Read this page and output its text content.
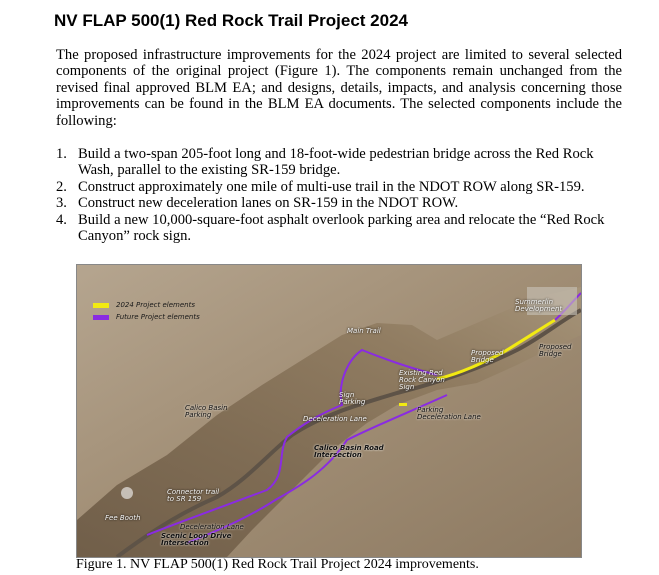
NV FLAP 500(1) Red Rock Trail Project 2024

The proposed infrastructure improvements for the 2024 project are limited to several selected components of the original project (Figure 1). The components remain unchanged from the revised final approved BLM EA; and designs, details, impacts, and analysis concerning those improvements can be found in the BLM EA documents. The selected components include the following:

1. Build a two-span 205-foot long and 18-foot-wide pedestrian bridge across the Red Rock Wash, parallel to the existing SR-159 bridge.
2. Construct approximately one mile of multi-use trail in the NDOT ROW along SR-159.
3. Construct new deceleration lanes on SR-159 in the NDOT ROW.
4. Build a new 10,000-square-foot asphalt overlook parking area and relocate the “Red Rock Canyon” rock sign.
2024 Project elements
Future Project elements
Main Trail
Summerlin
Development
Proposed
Bridge
Proposed
Bridge
Existing Red
Rock Canyon
Sign
Calico Basin
Parking
Sign
Parking
Deceleration Lane
Parking
Deceleration Lane
Calico Basin Road
Intersection
Connector trail
to SR 159
Fee Booth
Deceleration Lane
Scenic Loop Drive
Intersection
Figure 1. NV FLAP 500(1) Red Rock Trail Project 2024 improvements.
